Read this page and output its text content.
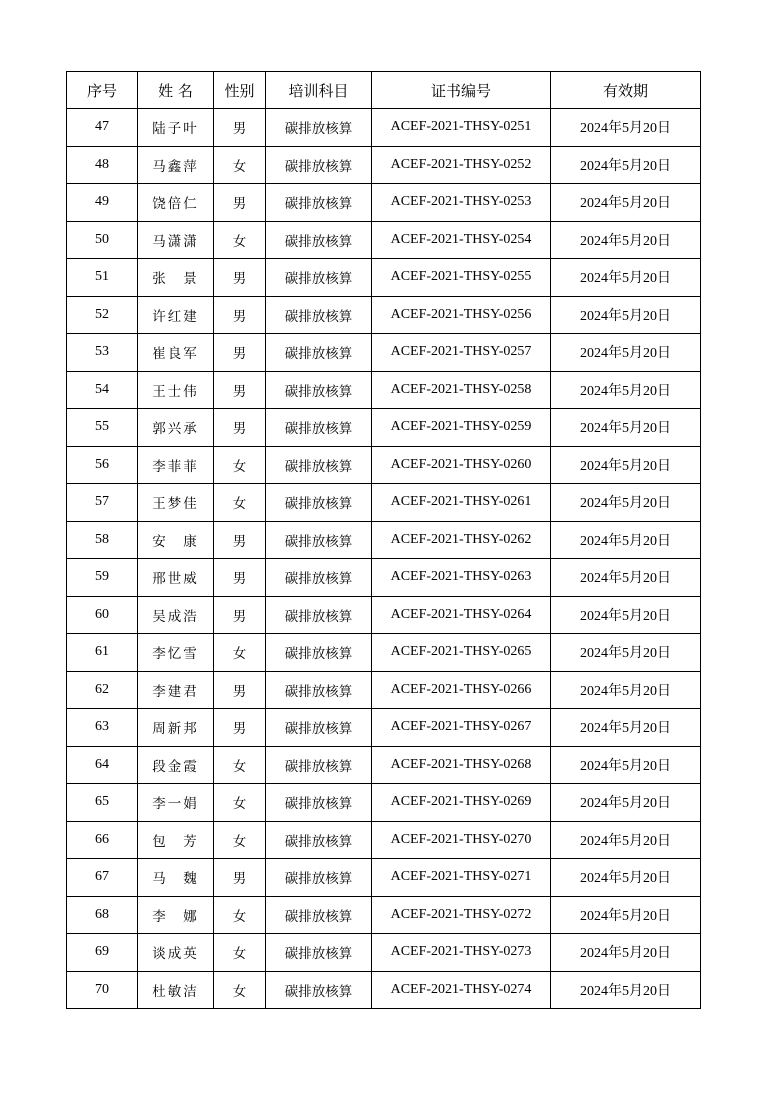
序号	姓 名	性别	培训科目	证书编号	有效期
47	陆子叶	男	碳排放核算	ACEF-2021-THSY-0251	2024年5月20日
48	马鑫萍	女	碳排放核算	ACEF-2021-THSY-0252	2024年5月20日
49	饶倍仁	男	碳排放核算	ACEF-2021-THSY-0253	2024年5月20日
50	马潇潇	女	碳排放核算	ACEF-2021-THSY-0254	2024年5月20日
51	张　景	男	碳排放核算	ACEF-2021-THSY-0255	2024年5月20日
52	许红建	男	碳排放核算	ACEF-2021-THSY-0256	2024年5月20日
53	崔良军	男	碳排放核算	ACEF-2021-THSY-0257	2024年5月20日
54	王士伟	男	碳排放核算	ACEF-2021-THSY-0258	2024年5月20日
55	郭兴承	男	碳排放核算	ACEF-2021-THSY-0259	2024年5月20日
56	李菲菲	女	碳排放核算	ACEF-2021-THSY-0260	2024年5月20日
57	王梦佳	女	碳排放核算	ACEF-2021-THSY-0261	2024年5月20日
58	安　康	男	碳排放核算	ACEF-2021-THSY-0262	2024年5月20日
59	邢世威	男	碳排放核算	ACEF-2021-THSY-0263	2024年5月20日
60	吴成浩	男	碳排放核算	ACEF-2021-THSY-0264	2024年5月20日
61	李忆雪	女	碳排放核算	ACEF-2021-THSY-0265	2024年5月20日
62	李建君	男	碳排放核算	ACEF-2021-THSY-0266	2024年5月20日
63	周新邦	男	碳排放核算	ACEF-2021-THSY-0267	2024年5月20日
64	段金霞	女	碳排放核算	ACEF-2021-THSY-0268	2024年5月20日
65	李一娟	女	碳排放核算	ACEF-2021-THSY-0269	2024年5月20日
66	包　芳	女	碳排放核算	ACEF-2021-THSY-0270	2024年5月20日
67	马　魏	男	碳排放核算	ACEF-2021-THSY-0271	2024年5月20日
68	李　娜	女	碳排放核算	ACEF-2021-THSY-0272	2024年5月20日
69	谈成英	女	碳排放核算	ACEF-2021-THSY-0273	2024年5月20日
70	杜敏洁	女	碳排放核算	ACEF-2021-THSY-0274	2024年5月20日
